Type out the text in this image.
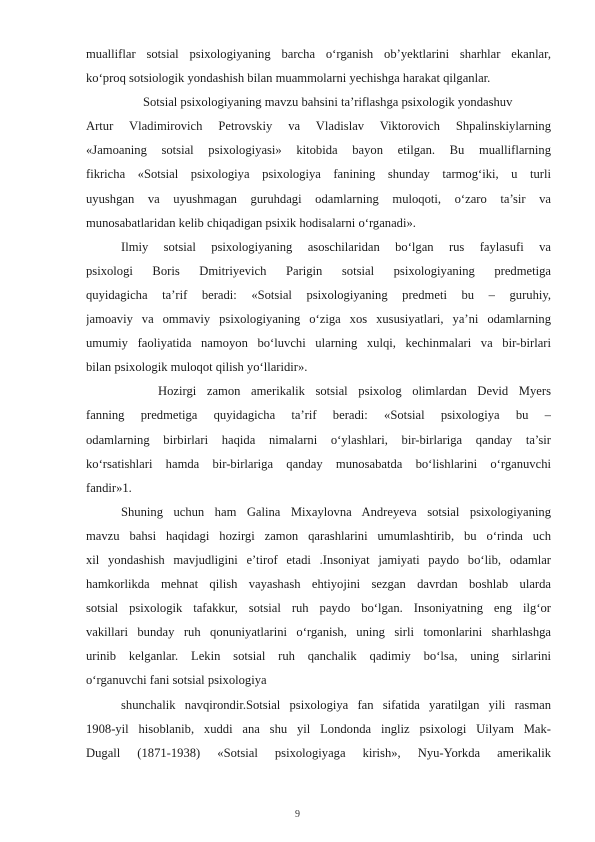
mualliflar sotsial psixologiyaning barcha o‘rganish ob’yektlarini sharhlar ekanlar,
ko‘proq sotsiologik yondashish bilan muammolarni yechishga harakat qilganlar.
Sotsial psixologiyaning mavzu bahsini ta’riflashga psixologik yondashuv
Artur Vladimirovich Petrovskiy va Vladislav Viktorovich Shpalinskiylarning
«Jamoaning sotsial psixologiyasi» kitobida bayon etilgan. Bu mualliflarning
fikricha «Sotsial psixologiya psixologiya fanining shunday tarmog‘iki, u turli
uyushgan va uyushmagan guruhdagi odamlarning muloqoti, o‘zaro ta’sir va
munosabatlaridan kelib chiqadigan psixik hodisalarni o‘rganadi».
Ilmiy sotsial psixologiyaning asoschilaridan bo‘lgan rus faylasufi va
psixologi Boris Dmitriyevich Parigin sotsial psixologiyaning predmetiga
quyidagicha ta’rif beradi: «Sotsial psixologiyaning predmeti bu – guruhiy,
jamoaviy va ommaviy psixologiyaning o‘ziga xos xususiyatlari, ya’ni odamlarning
umumiy faoliyatida namoyon bo‘luvchi ularning xulqi, kechinmalari va bir-birlari
bilan psixologik muloqot qilish yo‘llaridir».
Hozirgi zamon amerikalik sotsial psixolog olimlardan Devid Myers
fanning predmetiga quyidagicha ta’rif beradi: «Sotsial psixologiya bu –
odamlarning birbirlari haqida nimalarni o‘ylashlari, bir-birlariga qanday ta’sir
ko‘rsatishlari hamda bir-birlariga qanday munosabatda bo‘lishlarini o‘rganuvchi
fandir»1.
Shuning uchun ham Galina Mixaylovna Andreyeva sotsial psixologiyaning
mavzu bahsi haqidagi hozirgi zamon qarashlarini umumlashtirib, bu o‘rinda uch
xil yondashish mavjudligini e’tirof etadi .Insoniyat jamiyati paydo bo‘lib, odamlar
hamkorlikda mehnat qilish vayashash ehtiyojini sezgan davrdan boshlab ularda
sotsial psixologik tafakkur, sotsial ruh paydo bo‘lgan. Insoniyatning eng ilg‘or
vakillari bunday ruh qonuniyatlarini o‘rganish, uning sirli tomonlarini sharhlashga
urinib kelganlar. Lekin sotsial ruh qanchalik qadimiy bo‘lsa, uning sirlarini
o‘rganuvchi fani sotsial psixologiya
shunchalik navqirondir.Sotsial psixologiya fan sifatida yaratilgan yili rasman
1908-yil hisoblanib, xuddi ana shu yil Londonda ingliz psixologi Uilyam Mak-
Dugall (1871-1938) «Sotsial psixologiyaga kirish», Nyu-Yorkda amerikalik
9
